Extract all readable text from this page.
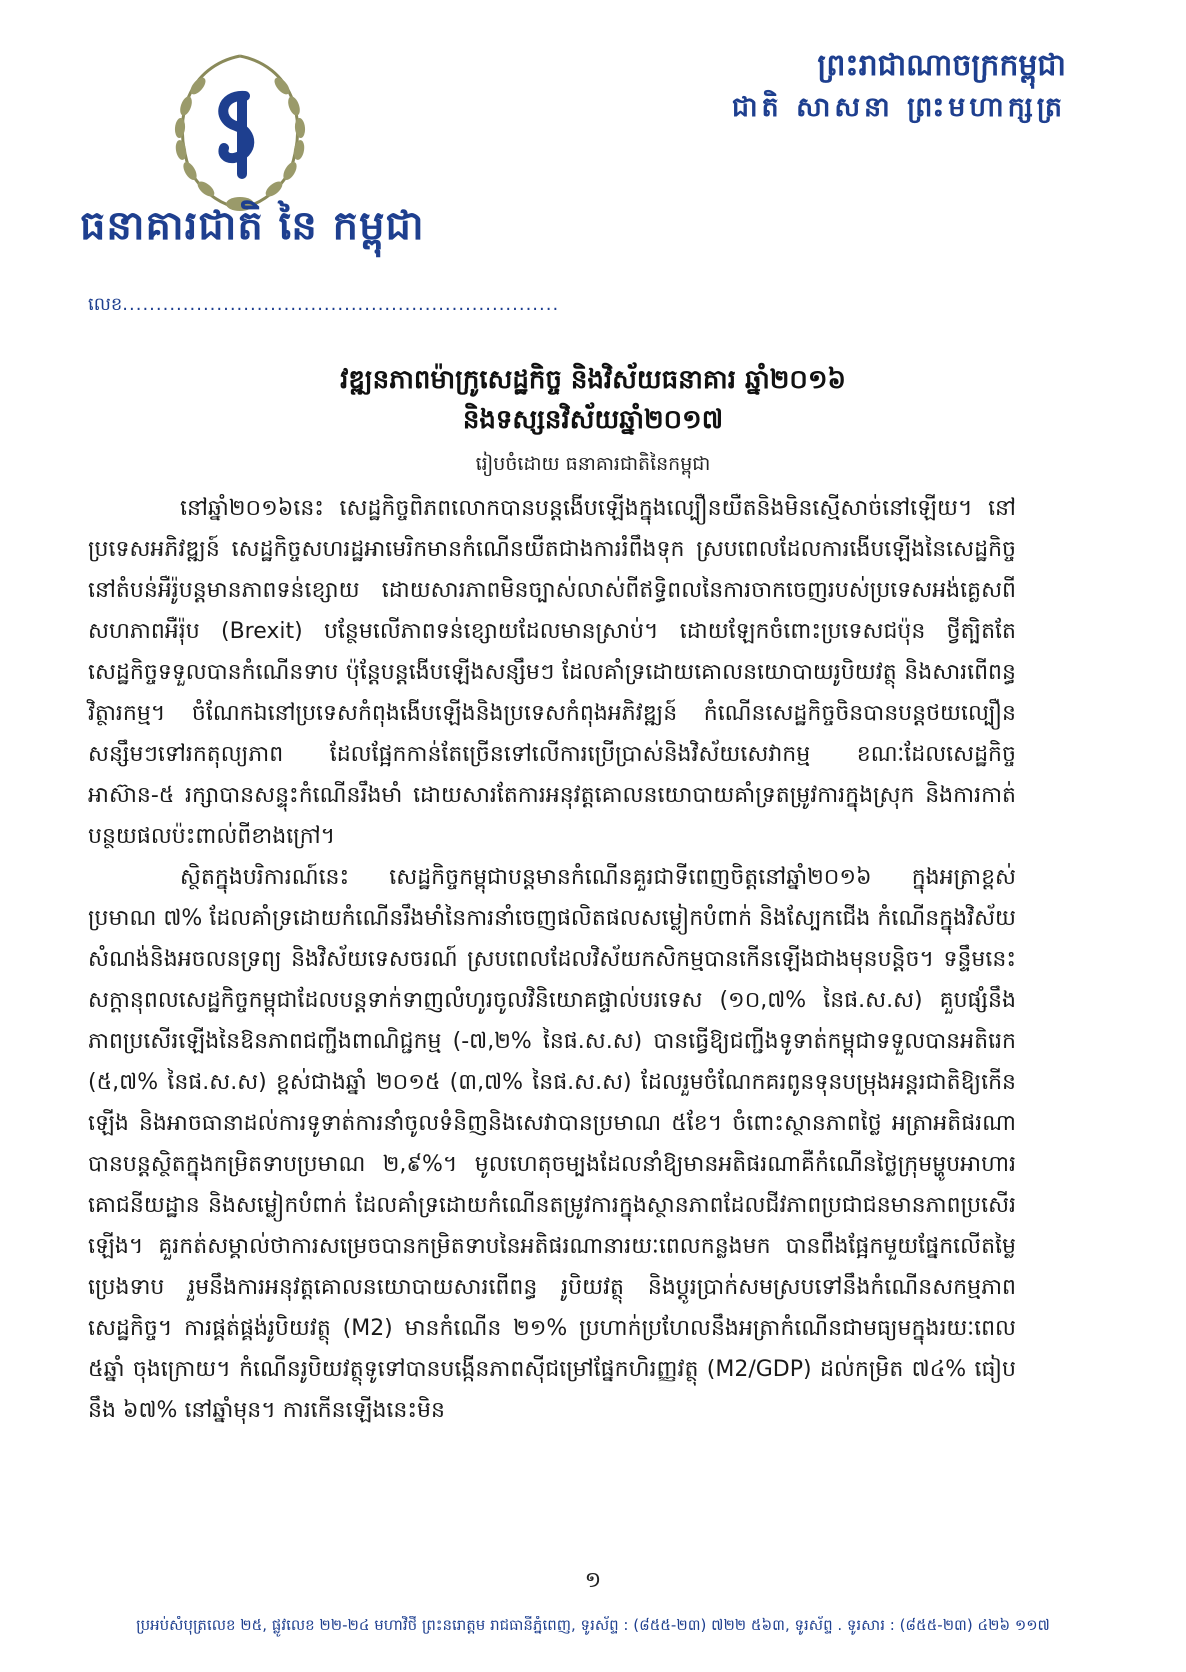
ធនាគារជាតិ នៃ កម្ពុជា
ព្រះរាជាណាចក្រកម្ពុជា
ជាតិ សាសនា ព្រះមហាក្សត្រ
លេខ.................................................................
វឌ្ឍនភាពម៉ាក្រូសេដ្ឋកិច្ច និងវិស័យធនាគារ ឆ្នាំ២០១៦
និងទស្សនវិស័យឆ្នាំ២០១៧
រៀបចំដោយ ធនាគារជាតិនៃកម្ពុជា

នៅឆ្នាំ២០១៦នេះ សេដ្ឋកិច្ចពិភពលោកបានបន្តងើបឡើងក្នុងល្បឿនយឺតនិងមិនស្មើសាច់នៅឡើយ។ នៅប្រទេសអភិវឌ្ឍន៍ សេដ្ឋកិច្ចសហរដ្ឋអាមេរិកមានកំណើនយឺតជាងការរំពឹងទុក ស្របពេលដែលការងើបឡើងនៃសេដ្ឋកិច្ចនៅតំបន់អឺរ៉ូបន្តមានភាពទន់ខ្សោយ ដោយសារភាពមិនច្បាស់លាស់ពីឥទ្ធិពលនៃការចាកចេញរបស់ប្រទេសអង់គ្លេសពីសហភាពអឺរ៉ុប (Brexit) បន្ថែមលើភាពទន់ខ្សោយដែលមានស្រាប់។ ដោយឡែកចំពោះប្រទេសជប៉ុន ថ្វីត្បិតតែសេដ្ឋកិច្ចទទួលបានកំណើនទាប ប៉ុន្តែបន្តងើបឡើងសន្សឹមៗ ដែលគាំទ្រដោយគោលនយោបាយរូបិយវត្ថុ និងសារពើពន្ធវិត្ថារកម្ម។ ចំណែកឯនៅប្រទេសកំពុងងើបឡើងនិងប្រទេសកំពុងអភិវឌ្ឍន៍ កំណើនសេដ្ឋកិច្ចចិនបានបន្តថយល្បឿនសន្សឹមៗទៅរកតុល្យភាព ដែលផ្អែកកាន់តែច្រើនទៅលើការប្រើប្រាស់និងវិស័យសេវាកម្ម ខណៈដែលសេដ្ឋកិច្ចអាស៊ាន-៥ រក្សាបានសន្ទុះកំណើនរឹងមាំ ដោយសារតែការអនុវត្តគោលនយោបាយគាំទ្រតម្រូវការក្នុងស្រុក និងការកាត់បន្ថយផលប៉ះពាល់ពីខាងក្រៅ។

ស្ថិតក្នុងបរិការណ៍នេះ សេដ្ឋកិច្ចកម្ពុជាបន្តមានកំណើនគួរជាទីពេញចិត្តនៅឆ្នាំ២០១៦ ក្នុងអត្រាខ្ពស់ប្រមាណ ៧% ដែលគាំទ្រដោយកំណើនរឹងមាំនៃការនាំចេញផលិតផលសម្លៀកបំពាក់ និងស្បែកជើង កំណើនក្នុងវិស័យសំណង់និងអចលនទ្រព្យ និងវិស័យទេសចរណ៍ ស្របពេលដែលវិស័យកសិកម្មបានកើនឡើងជាងមុនបន្តិច។ ទន្ទឹមនេះ សក្តានុពលសេដ្ឋកិច្ចកម្ពុជាដែលបន្តទាក់ទាញលំហូរចូលវិនិយោគផ្ទាល់បរទេស (១០,៧% នៃផ.ស.ស) គួបផ្សំនឹងភាពប្រសើរឡើងនៃឱនភាពជញ្ជីងពាណិជ្ជកម្ម (-៧,២% នៃផ.ស.ស) បានធ្វើឱ្យជញ្ជីងទូទាត់កម្ពុជាទទួលបានអតិរេក (៥,៧% នៃផ.ស.ស) ខ្ពស់ជាងឆ្នាំ ២០១៥ (៣,៧% នៃផ.ស.ស) ដែលរួមចំណែកគរពូនទុនបម្រុងអន្តរជាតិឱ្យកើនឡើង និងអាចធានាដល់ការទូទាត់ការនាំចូលទំនិញនិងសេវាបានប្រមាណ ៥ខែ។ ចំពោះស្ថានភាពថ្លៃ អត្រាអតិផរណាបានបន្តស្ថិតក្នុងកម្រិតទាបប្រមាណ ២,៩%។ មូលហេតុចម្បងដែលនាំឱ្យមានអតិផរណាគឺកំណើនថ្លៃក្រុមម្ហូបអាហារ គោជនីយដ្ឋាន និងសម្លៀកបំពាក់ ដែលគាំទ្រដោយកំណើនតម្រូវការក្នុងស្ថានភាពដែលជីវភាពប្រជាជនមានភាពប្រសើរឡើង។ គួរកត់សម្គាល់ថាការសម្រេចបានកម្រិតទាបនៃអតិផរណានារយៈពេលកន្លងមក បានពឹងផ្អែកមួយផ្នែកលើតម្លៃប្រេងទាប រួមនឹងការអនុវត្តគោលនយោបាយសារពើពន្ធ រូបិយវត្ថុ និងប្តូរប្រាក់សមស្របទៅនឹងកំណើនសកម្មភាពសេដ្ឋកិច្ច។ ការផ្គត់ផ្គង់រូបិយវត្ថុ (M2) មានកំណើន ២១% ប្រហាក់ប្រហែលនឹងអត្រាកំណើនជាមធ្យមក្នុងរយៈពេល ៥ឆ្នាំ ចុងក្រោយ។ កំណើនរូបិយវត្ថុទូទៅបានបង្កើនភាពស៊ីជម្រៅផ្នែកហិរញ្ញវត្ថុ (M2/GDP) ដល់កម្រិត ៧៤% ធៀបនឹង ៦៧% នៅឆ្នាំមុន។ ការកើនឡើងនេះមិន

១
ប្រអប់សំបុត្រលេខ ២៥, ផ្លូវលេខ ២២-២៤ មហាវិថី ព្រះនរោត្តម រាជធានីភ្នំពេញ, ទូរស័ព្ទ : (៨៥៥-២៣) ៧២២ ៥៦៣, ទូរស័ព្ទ . ទូរសារ : (៨៥៥-២៣) ៤២៦ ១១៧
